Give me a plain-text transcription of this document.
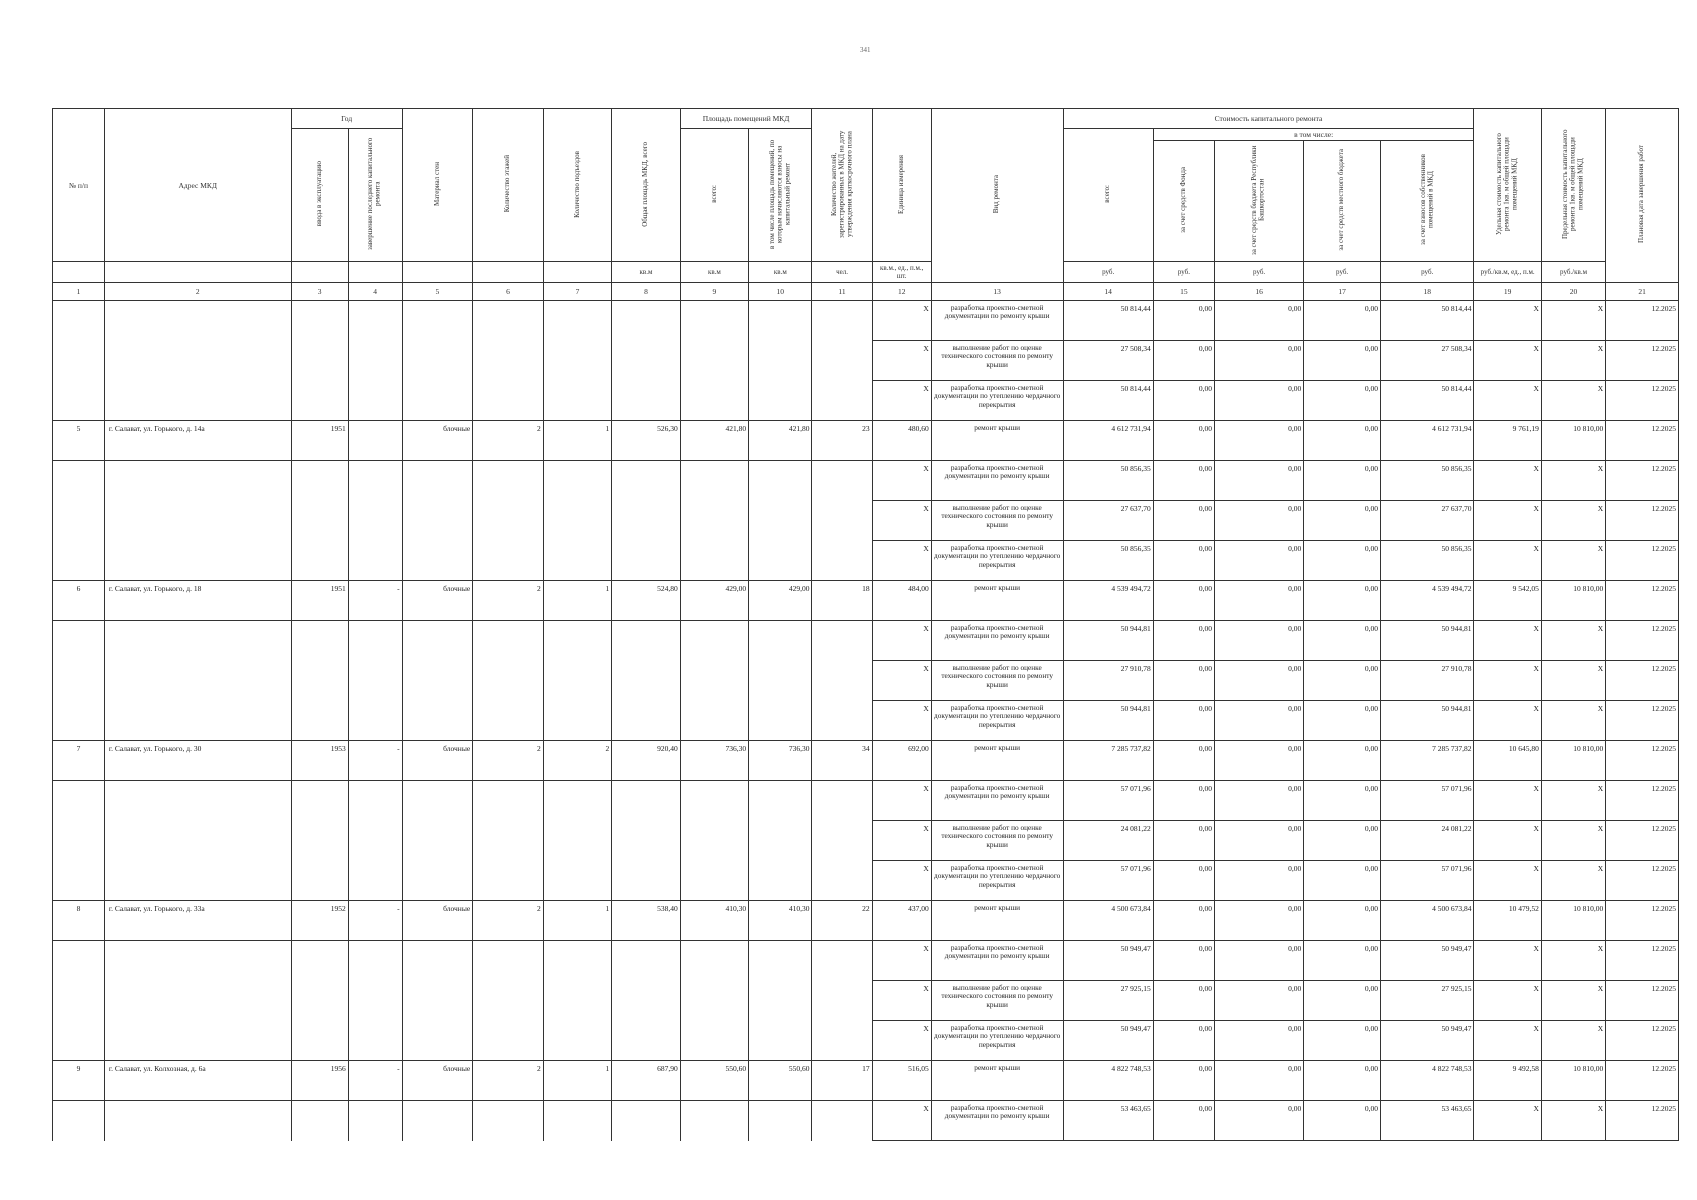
341
№ п/п	Адрес МКД	Год		Материал стен	Количество этажей	Количество подъездов	Общая площадь МКД, всего	Площадь помещений МКД		Количество жителей, зарегистрированных в МКД на дату утверждения краткосрочного плана	Единица измерения	Вид ремонта	Стоимость капитального ремонта					Удельная стоимость капитального ремонта 1кв. м общей площади помещений МКД	Предельная стоимость капитального ремонта 1кв. м общей площади помещений МКД	Плановая дата завершения работ
		ввода в эксплуатацию	завершение последнего капитального ремонта					всего:	в том числе площадь помещений, по которым начисляются взносы на капитальный ремонт				всего:	в том числе:						
														за счет средств Фонда	за счет средств бюджета Республики Башкортостан	за счет средств местного бюджета	за счет взносов собственников помещений в МКД			
							кв.м	кв.м	кв.м	чел.	кв.м., ед., п.м., шт.		руб.	руб.	руб.	руб.	руб.	руб./кв.м, ед., п.м.	руб./кв.м	
1	2	3	4	5	6	7	8	9	10	11	12	13	14	15	16	17	18	19	20	21
											X	разработка проектно-сметной документации по ремонту крыши	50 814,44	0,00	0,00	0,00	50 814,44	X	X	12.2025
											X	выполнение работ по оценке технического состояния по ремонту крыши	27 508,34	0,00	0,00	0,00	27 508,34	X	X	12.2025
											X	разработка проектно-сметной документации по утеплению чердачного перекрытия	50 814,44	0,00	0,00	0,00	50 814,44	X	X	12.2025
5	г. Салават, ул. Горького, д. 14а	1951		блочные	2	1	526,30	421,80	421,80	23	480,60	ремонт крыши	4 612 731,94	0,00	0,00	0,00	4 612 731,94	9 761,19	10 810,00	12.2025
											X	разработка проектно-сметной документации по ремонту крыши	50 856,35	0,00	0,00	0,00	50 856,35	X	X	12.2025
											X	выполнение работ по оценке технического состояния по ремонту крыши	27 637,70	0,00	0,00	0,00	27 637,70	X	X	12.2025
											X	разработка проектно-сметной документации по утеплению чердачного перекрытия	50 856,35	0,00	0,00	0,00	50 856,35	X	X	12.2025
6	г. Салават, ул. Горького, д. 18	1951	-	блочные	2	1	524,80	429,00	429,00	18	484,00	ремонт крыши	4 539 494,72	0,00	0,00	0,00	4 539 494,72	9 542,05	10 810,00	12.2025
											X	разработка проектно-сметной документации по ремонту крыши	50 944,81	0,00	0,00	0,00	50 944,81	X	X	12.2025
											X	выполнение работ по оценке технического состояния по ремонту крыши	27 910,78	0,00	0,00	0,00	27 910,78	X	X	12.2025
											X	разработка проектно-сметной документации по утеплению чердачного перекрытия	50 944,81	0,00	0,00	0,00	50 944,81	X	X	12.2025
7	г. Салават, ул. Горького, д. 30	1953	-	блочные	2	2	920,40	736,30	736,30	34	692,00	ремонт крыши	7 285 737,82	0,00	0,00	0,00	7 285 737,82	10 645,80	10 810,00	12.2025
											X	разработка проектно-сметной документации по ремонту крыши	57 071,96	0,00	0,00	0,00	57 071,96	X	X	12.2025
											X	выполнение работ по оценке технического состояния по ремонту крыши	24 081,22	0,00	0,00	0,00	24 081,22	X	X	12.2025
											X	разработка проектно-сметной документации по утеплению чердачного перекрытия	57 071,96	0,00	0,00	0,00	57 071,96	X	X	12.2025
8	г. Салават, ул. Горького, д. 33а	1952	-	блочные	2	1	538,40	410,30	410,30	22	437,00	ремонт крыши	4 500 673,84	0,00	0,00	0,00	4 500 673,84	10 479,52	10 810,00	12.2025
											X	разработка проектно-сметной документации по ремонту крыши	50 949,47	0,00	0,00	0,00	50 949,47	X	X	12.2025
											X	выполнение работ по оценке технического состояния по ремонту крыши	27 925,15	0,00	0,00	0,00	27 925,15	X	X	12.2025
											X	разработка проектно-сметной документации по утеплению чердачного перекрытия	50 949,47	0,00	0,00	0,00	50 949,47	X	X	12.2025
9	г. Салават, ул. Колхозная, д. 6а	1956	-	блочные	2	1	687,90	550,60	550,60	17	516,05	ремонт крыши	4 822 748,53	0,00	0,00	0,00	4 822 748,53	9 492,58	10 810,00	12.2025
											X	разработка проектно-сметной документации по ремонту крыши	53 463,65	0,00	0,00	0,00	53 463,65	X	X	12.2025
